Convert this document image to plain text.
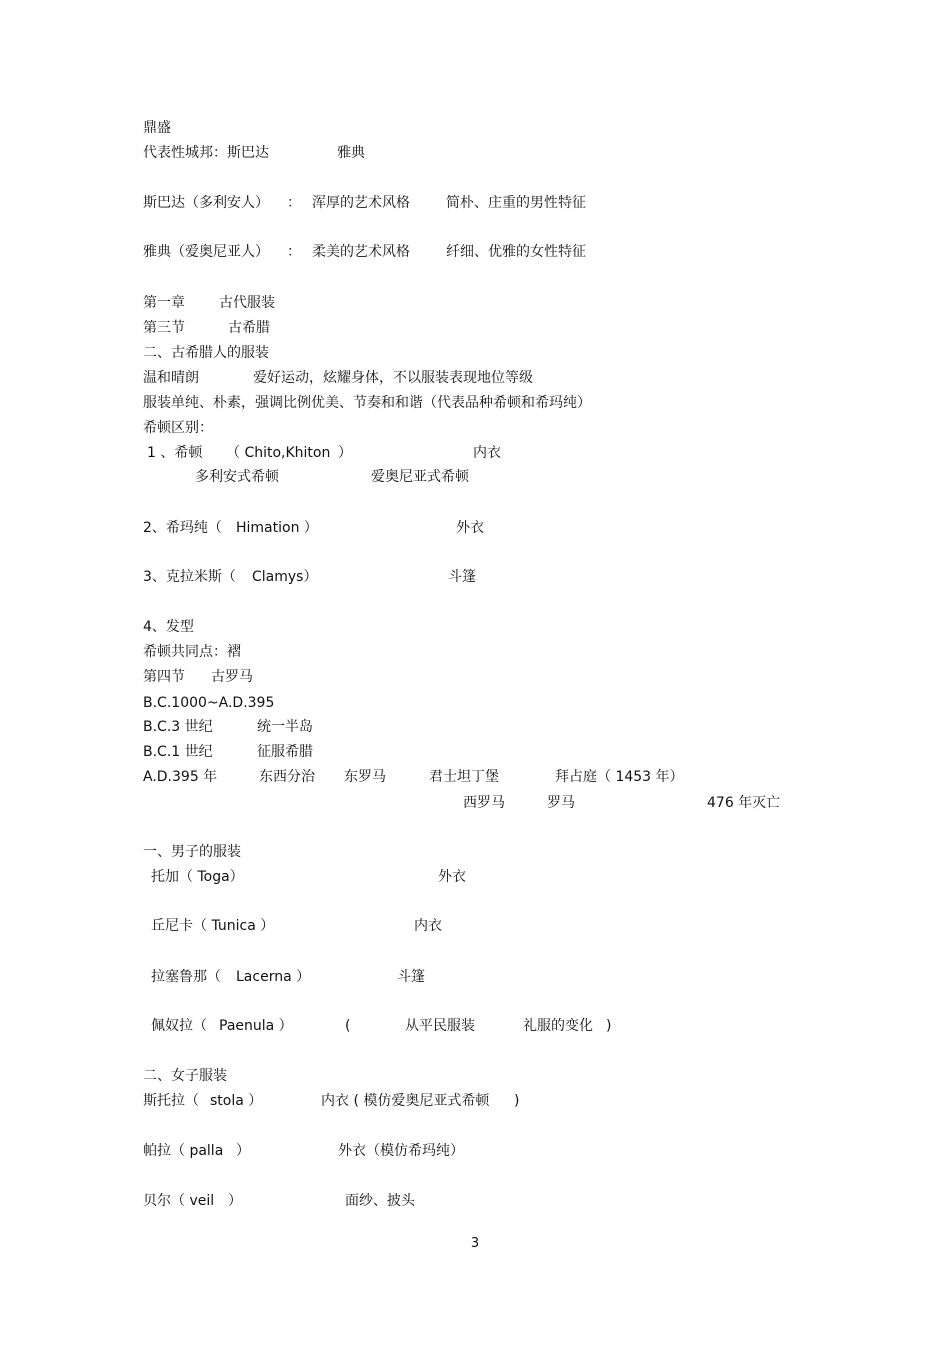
鼎盛
代表性城邦：斯巴达	雅典
斯巴达（多利安人） ： 浑厚的艺术风格	简朴、庄重的男性特征
雅典（爱奥尼亚人） ： 柔美的艺术风格	纤细、优雅的女性特征
第一章 古代服装
第三节	古希腊
二、古希腊人的服装
温和晴朗	爱好运动，炫耀身体，不以服装表现地位等级
服装单纯、朴素，强调比例优美、节奏和和谐（代表品种希顿和希玛纯）
希顿区别：
1 、希顿 （ Chito,Khiton ）	内衣
多利安式希顿	爱奥尼亚式希顿
2、希玛纯（ Himation ）	外衣
3、克拉米斯（ Clamys）	斗篷
4、发型
希顿共同点：褶
第四节 古罗马
B.C.1000~A.D.395
B.C.3 世纪	统一半岛
B.C.1 世纪	征服希腊
A.D.395 年	东西分治 东罗马	君士坦丁堡	拜占庭（ 1453 年）
西罗马	罗马	476 年灭亡
一、男子的服装
托加（ Toga）	外衣
丘尼卡（ Tunica ）	内衣
拉塞鲁那（ Lacerna ）	斗篷
佩奴拉（ Paenula ）	(	从平民服装	礼服的变化 )
二、女子服装
斯托拉（ stola ）	内衣 ( 模仿爱奥尼亚式希顿 )
帕拉（ palla ）	外衣（模仿希玛纯）
贝尔（ veil ）	面纱、披头
3
